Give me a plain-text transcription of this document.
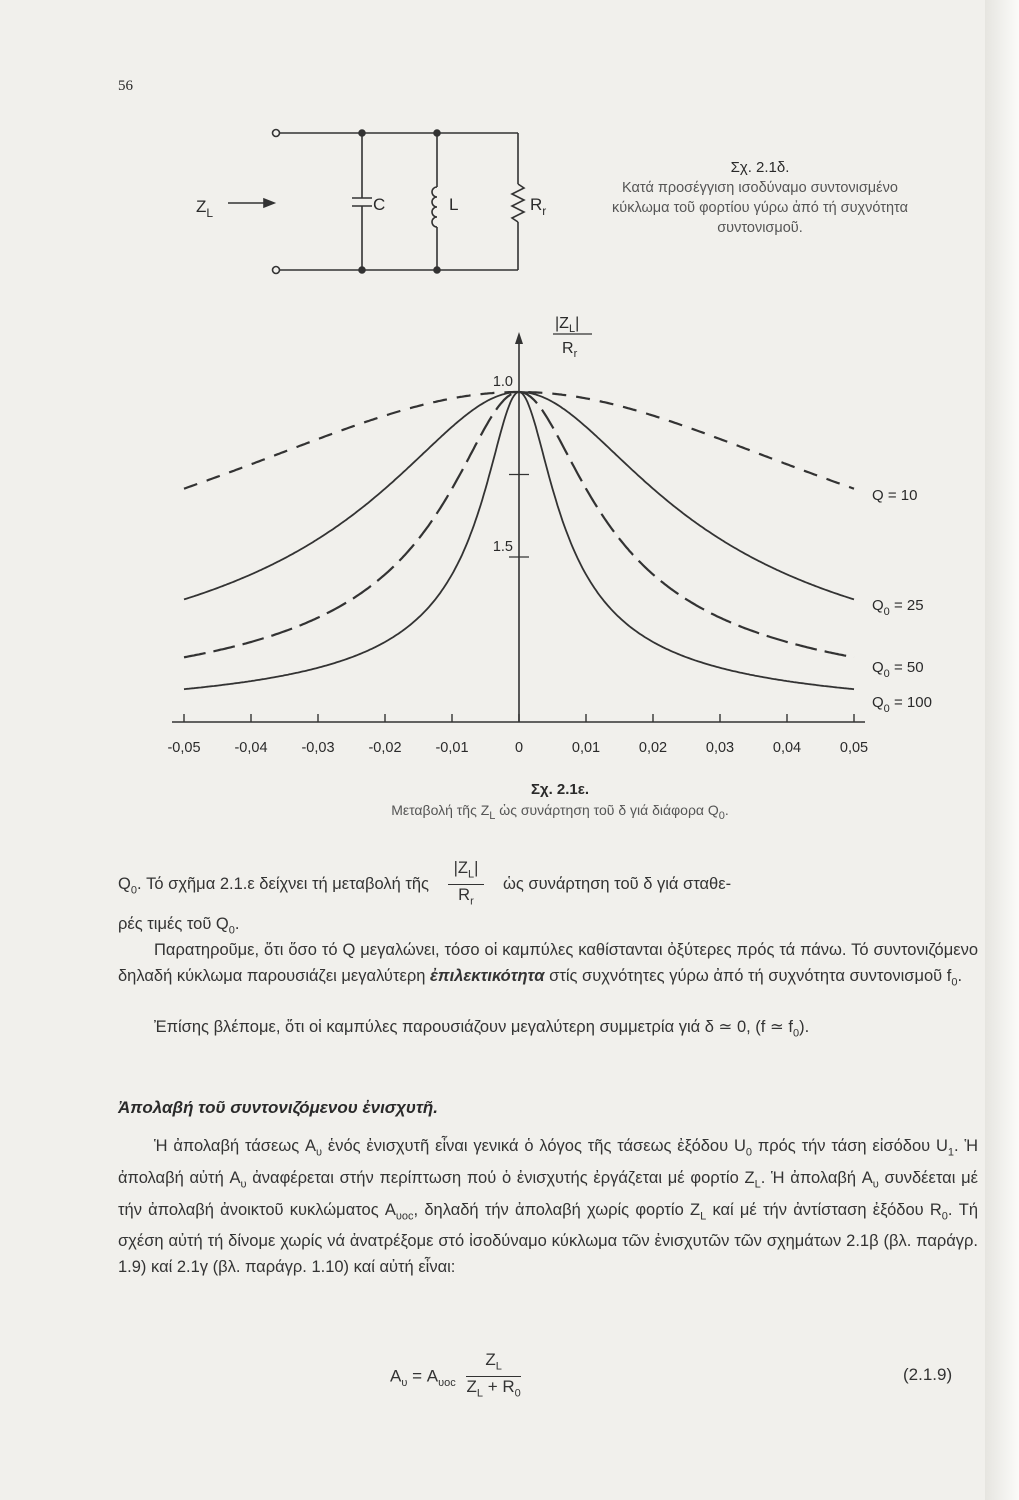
56
$Z_L$	C	L	$R_r$
-0,05 -0,04 -0,03 -0,02 -0,01	0	0,01	0,02	0,03	0,04	0,05
1.0
1.5
$|Z_L|$
$R_r$
Q = 10
$Q_0 = 25$
$Q_0 = 50$
$Q_0 = 100$
Σχ. 2.1δ.
Κατά προσέγγιση ισοδύναμο συντονισμένο κύκλωμα τοῦ φορτίου γύρω ἀπό τή συχνότητα συντονισμοῦ.
Σχ. 2.1ε.
Μεταβολή τῆς $Z_L$ ὡς συνάρτηση τοῦ δ γιά διάφορα $Q_0$.
$Q_0$. Τό σχῆμα 2.1.ε δείχνει τή μεταβολή τῆς $\frac{|Z_L|}{R_r}$ ὡς συνάρτηση τοῦ δ γιά σταθε-
ρές τιμές τοῦ $Q_0$.
Παρατηροῦμε, ὅτι ὅσο τό Q μεγαλώνει, τόσο οἱ καμπύλες καθίστανται ὀξύτερες πρός τά πάνω. Τό συντονιζόμενο δηλαδή κύκλωμα παρουσιάζει μεγαλύτερη ἐπιλεκτικότητα στίς συχνότητες γύρω ἀπό τή συχνότητα συντονισμοῦ $f_0$.
Ἐπίσης βλέπομε, ὅτι οἱ καμπύλες παρουσιάζουν μεγαλύτερη συμμετρία γιά δ ≃ 0, (f ≃ $f_0$).
Ἀπολαβή τοῦ συντονιζόμενου ἐνισχυτῆ.
Ἡ ἀπολαβή τάσεως $A_\upsilon$ ἑνός ἐνισχυτῆ εἶναι γενικά ὁ λόγος τῆς τάσεως ἐξόδου $U_0$ πρός τήν τάση εἰσόδου $U_1$. Ἡ ἀπολαβή αὐτή $A_\upsilon$ ἀναφέρεται στήν περίπτωση πού ὁ ἐνισχυτής ἐργάζεται μέ φορτίο $Z_L$. Ἡ ἀπολαβή $A_\upsilon$ συνδέεται μέ τήν ἀπολαβή ἀνοικτοῦ κυκλώματος $A_{\upsilon oc}$, δηλαδή τήν ἀπολαβή χωρίς φορτίο $Z_L$ καί μέ τήν ἀντίσταση ἐξόδου $R_0$. Τή σχέση αὐτή τή δίνομε χωρίς νά ἀνατρέξομε στό ἰσοδύναμο κύκλωμα τῶν ἐνισχυτῶν τῶν σχημάτων 2.1β (βλ. παράγρ. 1.9) καί 2.1γ (βλ. παράγρ. 1.10) καί αὐτή εἶναι:
$A_\upsilon = A_{\upsilon oc} \frac{Z_L}{Z_L + R_0}$	(2.1.9)
